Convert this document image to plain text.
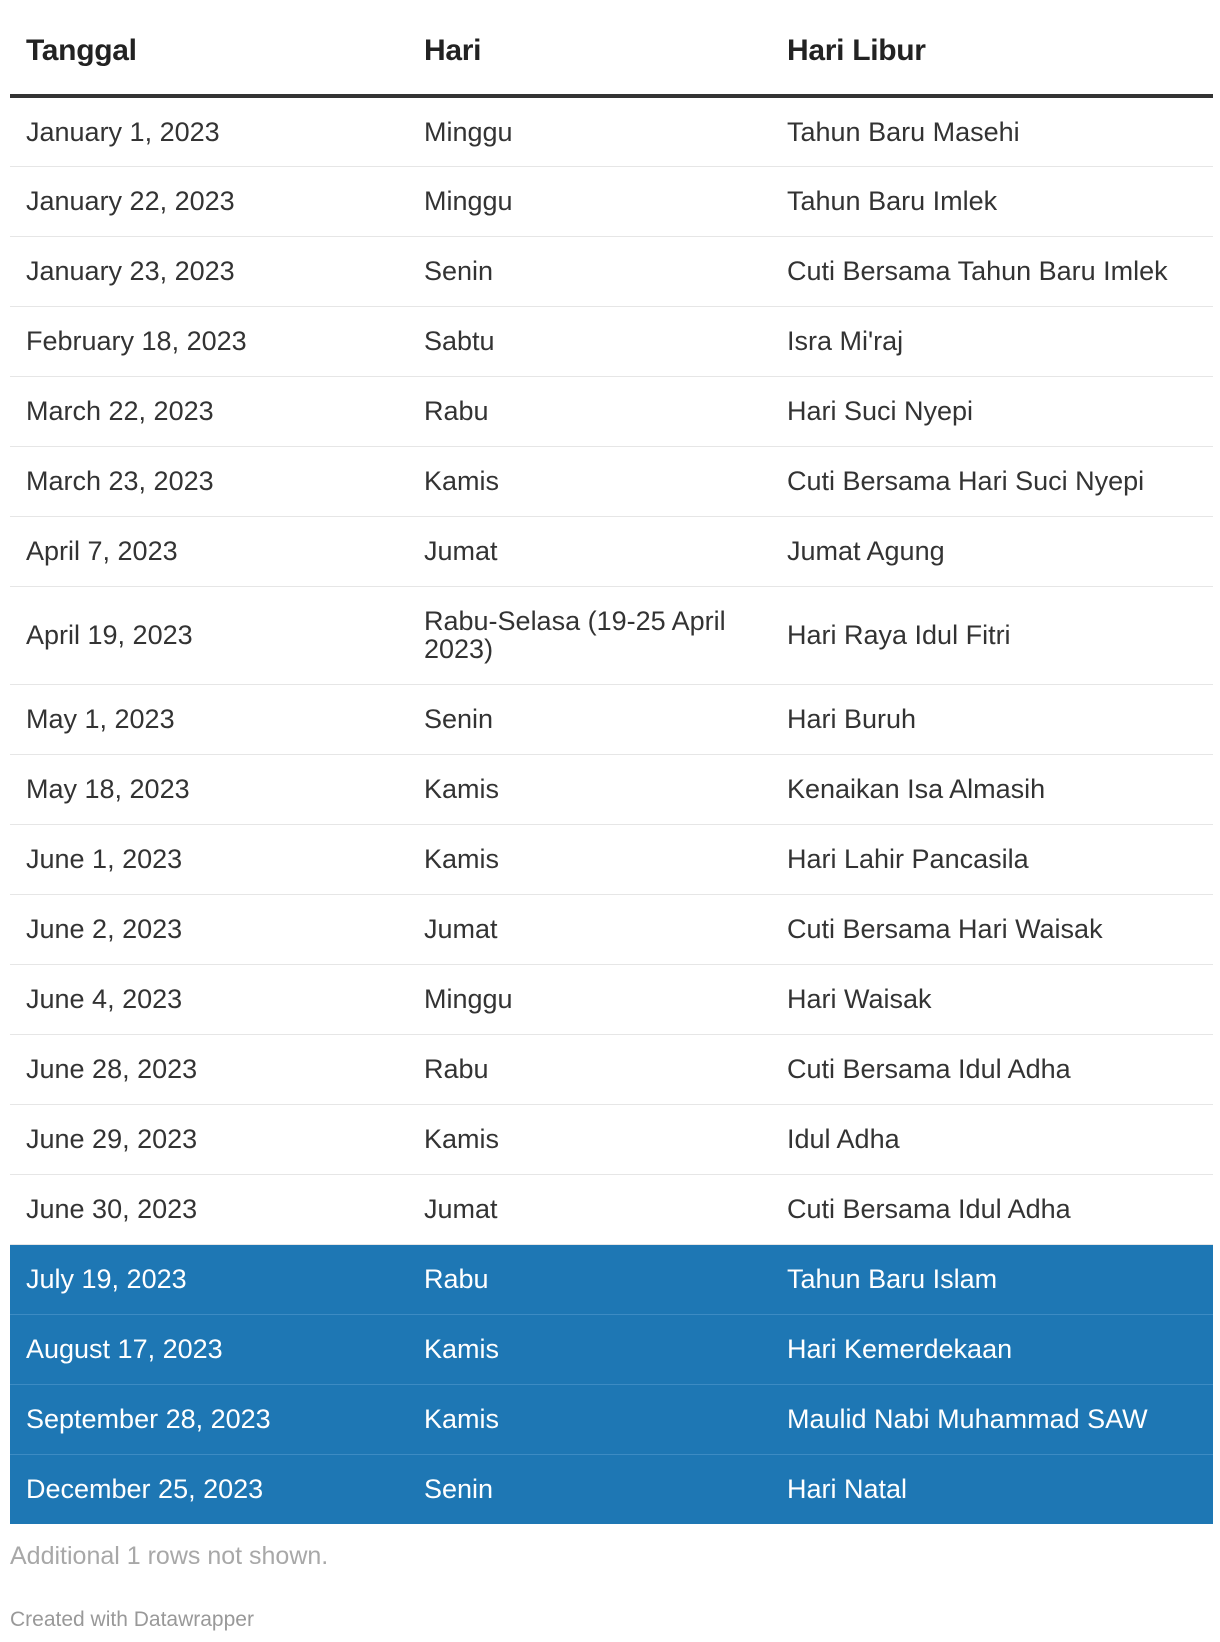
Tanggal	Hari	Hari Libur
January 1, 2023	Minggu	Tahun Baru Masehi
January 22, 2023	Minggu	Tahun Baru Imlek
January 23, 2023	Senin	Cuti Bersama Tahun Baru Imlek
February 18, 2023	Sabtu	Isra Mi'raj
March 22, 2023	Rabu	Hari Suci Nyepi
March 23, 2023	Kamis	Cuti Bersama Hari Suci Nyepi
April 7, 2023	Jumat	Jumat Agung
April 19, 2023	Rabu-Selasa (19-25 April 2023)	Hari Raya Idul Fitri
May 1, 2023	Senin	Hari Buruh
May 18, 2023	Kamis	Kenaikan Isa Almasih
June 1, 2023	Kamis	Hari Lahir Pancasila
June 2, 2023	Jumat	Cuti Bersama Hari Waisak
June 4, 2023	Minggu	Hari Waisak
June 28, 2023	Rabu	Cuti Bersama Idul Adha
June 29, 2023	Kamis	Idul Adha
June 30, 2023	Jumat	Cuti Bersama Idul Adha
July 19, 2023	Rabu	Tahun Baru Islam
August 17, 2023	Kamis	Hari Kemerdekaan
September 28, 2023	Kamis	Maulid Nabi Muhammad SAW
December 25, 2023	Senin	Hari Natal
Additional 1 rows not shown.
Created with Datawrapper
